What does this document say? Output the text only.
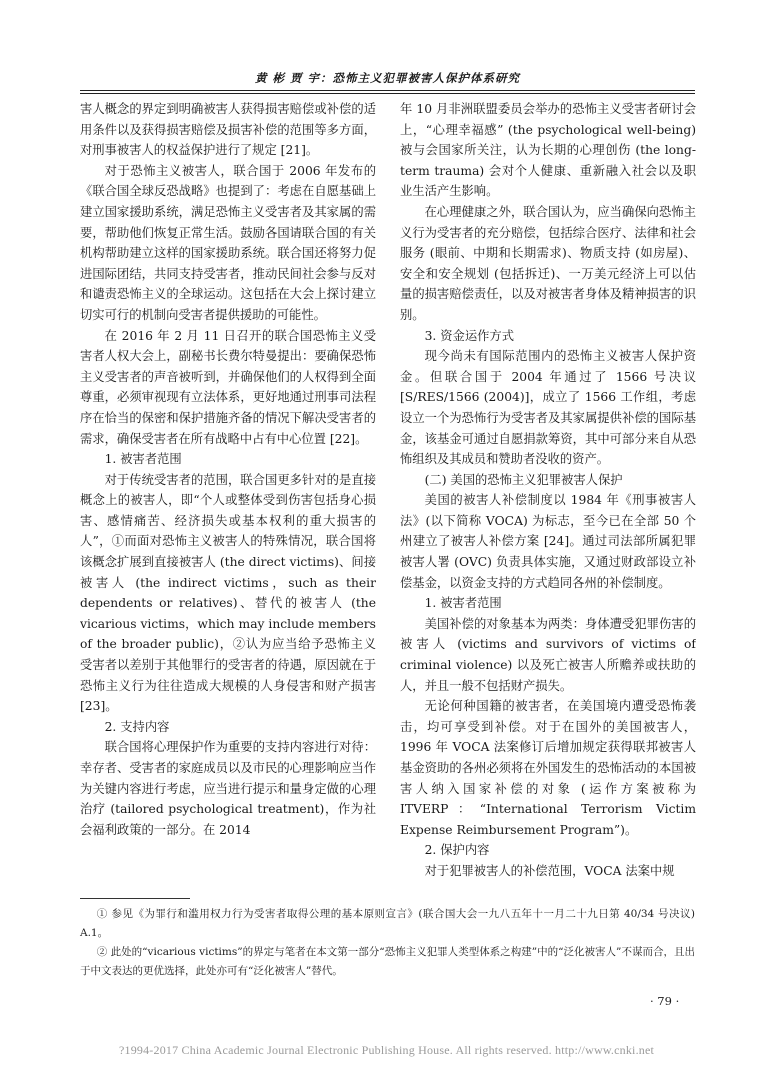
黄 彬 贾 宇：恐怖主义犯罪被害人保护体系研究

害人概念的界定到明确被害人获得损害赔偿或补偿的适用条件以及获得损害赔偿及损害补偿的范围等多方面，对刑事被害人的权益保护进行了规定 [21]。

对于恐怖主义被害人，联合国于 2006 年发布的《联合国全球反恐战略》也提到了：考虑在自愿基础上建立国家援助系统，满足恐怖主义受害者及其家属的需要，帮助他们恢复正常生活。鼓励各国请联合国的有关机构帮助建立这样的国家援助系统。联合国还将努力促进国际团结，共同支持受害者，推动民间社会参与反对和谴责恐怖主义的全球运动。这包括在大会上探讨建立切实可行的机制向受害者提供援助的可能性。

在 2016 年 2 月 11 日召开的联合国恐怖主义受害者人权大会上，副秘书长费尔特曼提出：要确保恐怖主义受害者的声音被听到，并确保他们的人权得到全面尊重，必须审视现有立法体系，更好地通过刑事司法程序在恰当的保密和保护措施齐备的情况下解决受害者的需求，确保受害者在所有战略中占有中心位置 [22]。

1. 被害者范围

对于传统受害者的范围，联合国更多针对的是直接概念上的被害人，即“个人或整体受到伤害包括身心损害、感情痛苦、经济损失或基本权利的重大损害的人”，①而面对恐怖主义被害人的特殊情况，联合国将该概念扩展到直接被害人 (the direct victims)、间接被害人 (the indirect victims，such as their dependents or relatives)、替代的被害人 (the vicarious victims，which may include members of the broader public)，②认为应当给予恐怖主义受害者以差别于其他罪行的受害者的待遇，原因就在于恐怖主义行为往往造成大规模的人身侵害和财产损害 [23]。

2. 支持内容

联合国将心理保护作为重要的支持内容进行对待：幸存者、受害者的家庭成员以及市民的心理影响应当作为关键内容进行考虑，应当进行提示和量身定做的心理治疗 (tailored psychological treatment)，作为社会福利政策的一部分。在 2014

年 10 月非洲联盟委员会举办的恐怖主义受害者研讨会上，“心理幸福感” (the psychological well-being) 被与会国家所关注，认为长期的心理创伤 (the long-term trauma) 会对个人健康、重新融入社会以及职业生活产生影响。

在心理健康之外，联合国认为，应当确保向恐怖主义行为受害者的充分赔偿，包括综合医疗、法律和社会服务 (眼前、中期和长期需求)、物质支持 (如房屋)、安全和安全规划 (包括拆迁)、一万美元经济上可以估量的损害赔偿责任，以及对被害者身体及精神损害的识别。

3. 资金运作方式

现今尚未有国际范围内的恐怖主义被害人保护资金。但联合国于 2004 年通过了 1566 号决议 [S/RES/1566 (2004)]，成立了 1566 工作组，考虑设立一个为恐怖行为受害者及其家属提供补偿的国际基金，该基金可通过自愿捐款筹资，其中可部分来自从恐怖组织及其成员和赞助者没收的资产。

(二) 美国的恐怖主义犯罪被害人保护

美国的被害人补偿制度以 1984 年《刑事被害人法》(以下简称 VOCA) 为标志，至今已在全部 50 个州建立了被害人补偿方案 [24]。通过司法部所属犯罪被害人署 (OVC) 负责具体实施，又通过财政部设立补偿基金，以资金支持的方式趋同各州的补偿制度。

1. 被害者范围

美国补偿的对象基本为两类：身体遭受犯罪伤害的被害人 (victims and survivors of victims of criminal violence) 以及死亡被害人所赡养或扶助的人，并且一般不包括财产损失。

无论何种国籍的被害者，在美国境内遭受恐怖袭击，均可享受到补偿。对于在国外的美国被害人，1996 年 VOCA 法案修订后增加规定获得联邦被害人基金资助的各州必须将在外国发生的恐怖活动的本国被害人纳入国家补偿的对象 (运作方案被称为 ITVERP：“International Terrorism Victim Expense Reimbursement Program”)。

2. 保护内容

对于犯罪被害人的补偿范围，VOCA 法案中规

① 参见《为罪行和滥用权力行为受害者取得公理的基本原则宣言》(联合国大会一九八五年十一月二十九日第 40/34 号决议) A.1。

② 此处的“vicarious victims”的界定与笔者在本文第一部分“恐怖主义犯罪人类型体系之构建”中的“泛化被害人”不谋而合，且出于中文表达的更优选择，此处亦可有“泛化被害人”替代。

· 79 ·
?1994-2017 China Academic Journal Electronic Publishing House. All rights reserved. http://www.cnki.net
